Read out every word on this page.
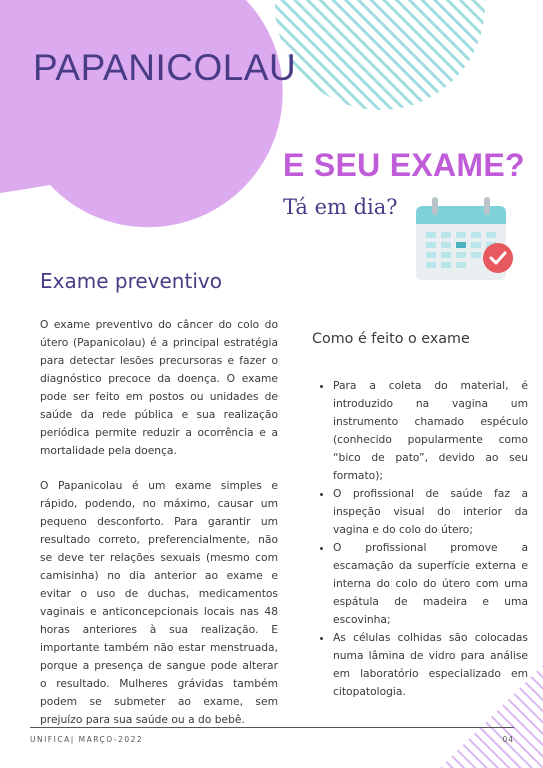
PAPANICOLAU
E SEU EXAME?
Tá em dia?
Exame preventivo

O exame preventivo do câncer do colo do útero (Papanicolau) é a principal estratégia para detectar lesões precursoras e fazer o diagnóstico precoce da doença. O exame pode ser feito em postos ou unidades de saúde da rede pública e sua realização periódica permite reduzir a ocorrência e a mortalidade pela doença.

O Papanicolau é um exame simples e rápido, podendo, no máximo, causar um pequeno desconforto. Para garantir um resultado correto, preferencialmente, não se deve ter relações sexuais (mesmo com camisinha) no dia anterior ao exame e evitar o uso de duchas, medicamentos vaginais e anticoncepcionais locais nas 48 horas anteriores à sua realização. E importante também não estar menstruada, porque a presença de sangue pode alterar o resultado. Mulheres grávidas também podem se submeter ao exame, sem prejuízo para sua saúde ou a do bebê.

Como é feito o exame
• Para a coleta do material, é introduzido na vagina um instrumento chamado espéculo (conhecido popularmente como “bico de pato”, devido ao seu formato);
• O profissional de saúde faz a inspeção visual do interior da vagina e do colo do útero;
• O profissional promove a escamação da superfície externa e interna do colo do útero com uma espátula de madeira e uma escovinha;
• As células colhidas são colocadas numa lâmina de vidro para análise em laboratório especializado em citopatologia.
UNIFICA| MARÇO-2022	04
